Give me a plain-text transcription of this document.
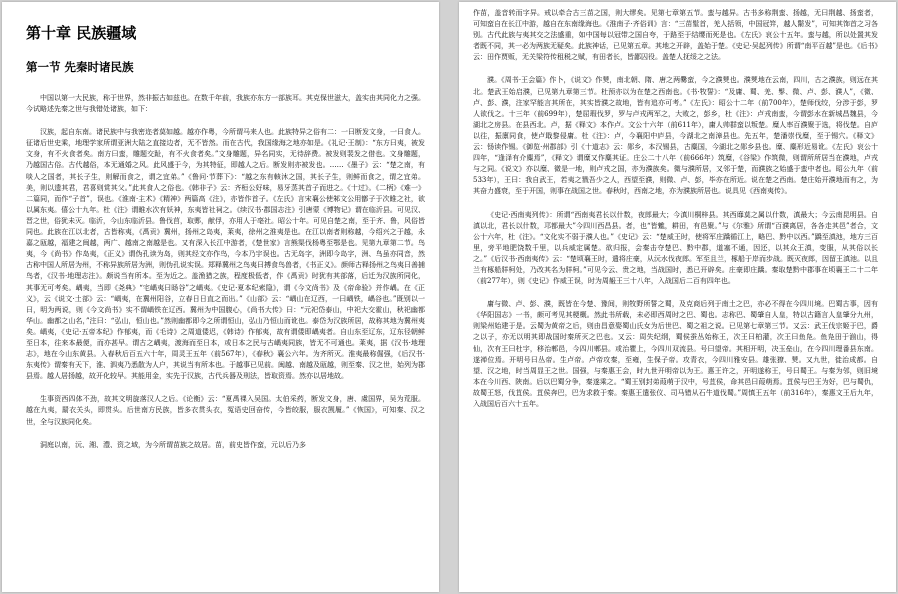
第十章 民族疆域
第一节 先秦时诸民族

中国以第一大民族，称于世界，然非振古如兹也。在数千年前，我族亦东方一部族耳。其克保世滋大，盖实由其同化力之强。今试略述先秦之世与我错处诸族，如下：

汉族，起自东南。诸民族中与我密迩者莫如越。越亦作粤，今所谓马来人也。此族特异之俗有二：一曰断发文身，一曰食人。征诸后世史乘，地理学家所谓亚洲大陆之直接边者，无不皆然。而在古代，我国缘海之地亦如是。《礼记·王制》：“东方曰夷，被发文身，有不火食者矣。南方曰蛮，雕题交趾，有不火食者矣。”文身雕题，异名同实，无待辞费。被发则裴发之借也。文身雕题，乃越国古俗。古代越俗，本无通婚之风。此风盛于今，为其特征，即越人之后。断发则亦被发也。……《墨子》云：“楚之南，有啖人之国者，其长子生，则解而食之，谓之宜弟。”《鲁问·节葬下》：“越之东有輆沐之国，其长子生，则鲜而食之，谓之宜弟。美，则以遗其君，君喜则赏其父。”此其食人之俗也。《韩非子》云：齐桓公好味，易牙蒸其首子而进之。《十过》。《二柄》《难一》二篇同，而作“子首”，误也。《淮南·主术》《精神》两篇高《注》，亦皆作首子。《左氏》言宋襄公使邾文公用鄫子于次睢之社，欲以属东夷。僖公十九年。杜《注》谓睢水次有妖神，东夷皆社祠之。《续汉书·郡国志注》引唐蒙《博物记》谓在临沂县。可见汉、晋之世，俗犹未灭。临沂，今山东临沂县。鲁伐莒，取郠，献俘，亦用人于亳社。昭公十年。可见自楚之南，至于齐、鲁，风俗皆同也。此族在江以北者，古皆称夷，《禹贡》冀州，扬州之岛夷，莱夷，徐州之淮夷是也。在江以南者则称越，今绍兴之于越，永嘉之瓯越，福建之闽越，两广、越南之南越是也。又有深入长江中游者，《楚世家》言熊渠伐杨粤至鄂是也。见第九章第二节。鸟夷，今《尚书》作岛夷，《正义》谓伪孔读为岛，则其经文亦作鸟，今本乃宇误也。古无岛字，洲即今岛字，洲、鸟虽亦同音，然古称中国人所居为州，不称异族所居为洲，则伪孔说实误。郑释冀州之鸟夷曰搏食鸟兽者，《书正义》。颜师古释扬州之鸟夷曰善捕鸟者，《汉书·地理志注》。颇说当有所本。至为近之。盖渔猎之族，程度极低者，作《禹贡》时犹有其部落，后迁为汉族所同化，其事无可考矣。嵎夷，当即《尧典》“宅嵎夷曰旸谷”之嵎夷。《史记·夏本纪索隐》，谓《今文尚书》及《帝命验》并作嵎。在《正义》，云《说文·土部》云：“嵎夷，在冀州阳谷，立春日日直之而出。”《山部》云：“嵎山在辽西，一曰嵎铁，嵎谷也。”既别以一曰，明为两说，则《今文尚书》实不谓嵎铁在辽西。冀州为中国腹心，《尚书大传》曰：“元祀岱泰山，中祀大交霍山，秋祀幽都华山。幽都之山名，”注曰：“弘山，恒山也。”然则幽都即今之所谓恒山，弘山乃恒山而讹也。泰岱为汉族所居，故称其地为冀州夷矣。嵎夷，《史记·五帝本纪》作郁夷，而《毛诗》之周道倭迟，《韩诗》作郁夷，故有谓倭即嵎夷者。自山东至辽东，辽东径朝鲜至日本，往来本最便，而亦甚早。谓古之嵎夷，渡海而至日本，或日本之民与古嵎夷同族，皆无不可通也。莱夷，据《汉书·地理志》，地在今山东黄县。入春秋后百五六十年，周灵王五年（前567年），《春秋》襄公六年。为齐所灭。淮夷最称倔强，《后汉书·东夷传》谓秦有天下，淮、泗夷乃悉散为人户，其说当有所本也。于越事已见前。闽越、南越及瓯越，则至秦、汉之世，始列为郡县焉。越人居扬越，故开化较早。其能用金，实先于汉族，古代兵器及刑法，皆取资焉。然亦以居地故。

生事资西四体不劲，故其文明旋落汉人之后。《论衡》云：“夏禹裸入吴国。太伯采药，断发文身，唐、虞国界，吴为荒服。越在九夷，罽衣关头，即贯头。后世南方民族，皆多衣贯头衣，冤语史回奋传，今皆皎服，服衣觊履。”《恢国》，可知秦、汉之世，全与汉族同化矣。

洞庭以南，沅、湘、澧、资之域，为今所谓苗族之故居。苗，前史皆作蛮，元以后乃多

作苗，盖音转而字异。戒以牵合古三苗之国，则大缪矣。见第七章第五节。蛮与越异。古书多称荆蛮、扬越，无曰荆越、扬蛮者，可知蛮自在长江中游，越自在东南缘海也。《淮南子·齐俗训》言：“三苗髽首，羌人括领，中国冠笄，越人鬋发”，可知其饰首之习各别。古代此族与夷其交之法盛重，如中国每以冠带之国自夸，于路至于结缨而死是也。《左氏》哀公十五年。蛮与越，所以处置其发者既不同，其一必为两族无疑矣。此族神话，已见第五章。其地之开辟，盖始于楚。《史记·吴起列传》所谓“南平百越”是也。《后书》云：田作贾贩，无关梁符传租税之赋，有田者长，皆鄙囚役。盖楚人抚绥之之法。

濮。《周书·王会篇》作卜，《说文》作僰，南北朝、隋、唐之两爨蛮，今之濮僰也。濮僰地在云南，四川，古之濮族，则远在其北。楚武王始启濮，已见第九章第三节。杜预亦以为在楚之西南也。《书·牧誓》：“及庸、蜀、羌、髳、微、卢、彭、濮人”，《微、卢、彭、濮，注家罕能言其所在，其实皆濮之故地，皆有追亦可考。”《左氏》：昭公十二年（前700年），楚师伐绞，分涉于彭，罗人欲伐之。十三年（前699年），楚屈瑕伐罗，罗与卢戎两军之，大败之，彭乡，杜《注》：卢戎南蛮，今谓彭水在新城昌魏县，今湖北之房县。在县西北。卢，据《释文》本作卢。文公十六年（前611年），庸人帅群蛮以叛楚。糜人率百濮聚于选，将伐楚。自庐以往，振廪同食，使卢戢黎侵庸。杜《注》：卢，今襄阳中庐县，今湖北之南漳县也。先五年，楚潘崇伐糜，至于锡穴。《释文》云：钖读作锡。《御览·州郡部》引《十道志》云：郧乡，本汉锡县，古麋国，今湖北之郧乡县也。糜、麋形近易讹。《左氏》哀公十四年，“逢泽有介麋焉”，《释文》谓糜又作麋其证。庄公二十八年（前666年）筑糜，《谷梁》作筑微，则谓所所居当在濮地，卢戎与之同。《说文》亦以糜、微是一地，则卢戎之国，亦为濮族矣。微与濮所居，又邻于楚，而濮族之始盛于蛮中者也。昭公九年（前533年），王曰：我自武王，若夷之戮吾少之人，西望至濮，则微、卢、彭，毕亦在所近。说在楚之西南。楚庄始开濮地而有之，为其奋力盛衰，至于开国，则事在战国之世。春秋时，西南之地，亦为濮族所居也。说具见《西南夷传》。

《史记·西南夷列传》：所谓“西南夷君长以什数，夜郎最大；今滇川桐梓县。其西靡莫之属以什数，滇最大；今云南昆明县。自滇以北，君长以什数，邛都最大”今四川西昌县。者，也“皆魋，耕田，有邑聚。”与《尔雅》所谓“百濮离居，各各走其邑”者合，文公十六年，杜《注》。“文化实不弱于濮人也。”《史记》云：“楚威王时，使将军庄蹻循江上，略巴、黔中以西。”蹻至滇池，地方三百里，旁平地肥饶数千里，以兵威定属楚。欲归报，会秦击夺楚巴、黔中郡，道塞不通，因还，以其众王滇，变服，从其俗以长之。”《后汉书·西南夷传》云：“楚顷襄王时，遣将庄豪，从沅水伐夜郎。军至且兰，椓船于岸而步战。既灭夜郎，因留王滇池。以且兰有椓船牂柯处，乃改其名为牂柯。”可见今云、贵之地，当战国时，悉已开辟矣。庄豪即庄蹻。秦取楚黔中郡事在顷襄王二十二年（前277年），则《史记》作威王误，时为周赧王三十八年，入战国后二百有四年也。

庸与微、卢、彭、濮，既皆在今楚、豫间，则牧野所誓之蜀，及克商后列于南土之巴，亦必不得在今四川境。巴蜀古事，因有《华阳国志》一书，颇可考见其梗概。然此书所载，未必即西周时之巴、蜀也。志称巴、蜀肇自人皇，特以古籍言人皇肇分九州，则梁州始建于是。云蜀为黄帝之后，则由昌意娶蜀山氏女为后世巴、蜀之祖之说。已见第七章第三节。又云：武王伐宗姬于巴，爵之以子，亦无以明其即战国时秦所灭之巴也。又云：周失纪纲，蜀侯蚕丛始称王，次王曰柏灌，次王曰鱼凫。鱼凫田于湔山，得仙，次有王曰杜宇，移治郫邑，今四川郫县。或治瞿上，今四川双流县。号曰望帝。其相开明，决玉垒山，在今四川理番县东南。遂禅位焉。开明号曰丛帝。生卢帝。卢帝攻秦，至雍，生保子帝。攻青衣，今四川雅安县。雄张獠、僰。又九世，徙治成都。自望、汉之地，时当周显王之世。国强，与秦惠王会，时九世开明帝以为王。惠王许之，开明遂称王，号曰蜀王。与秦为邻，则旧境本在今川西、陕南。后以巴蜀分争，秦遂乘之。“蜀王别封弟葭萌于汉中，号苴侯，命其邑曰葭萌焉。苴侯与巴王为好，巴与蜀仇，故蜀王怒，伐苴侯。苴侯奔巴，巴为求救于秦。秦惠王遣张仪、司马错从石牛道伐蜀。”周慎王五年（前316年），秦惠文王后九年，入战国后百六十五年。
